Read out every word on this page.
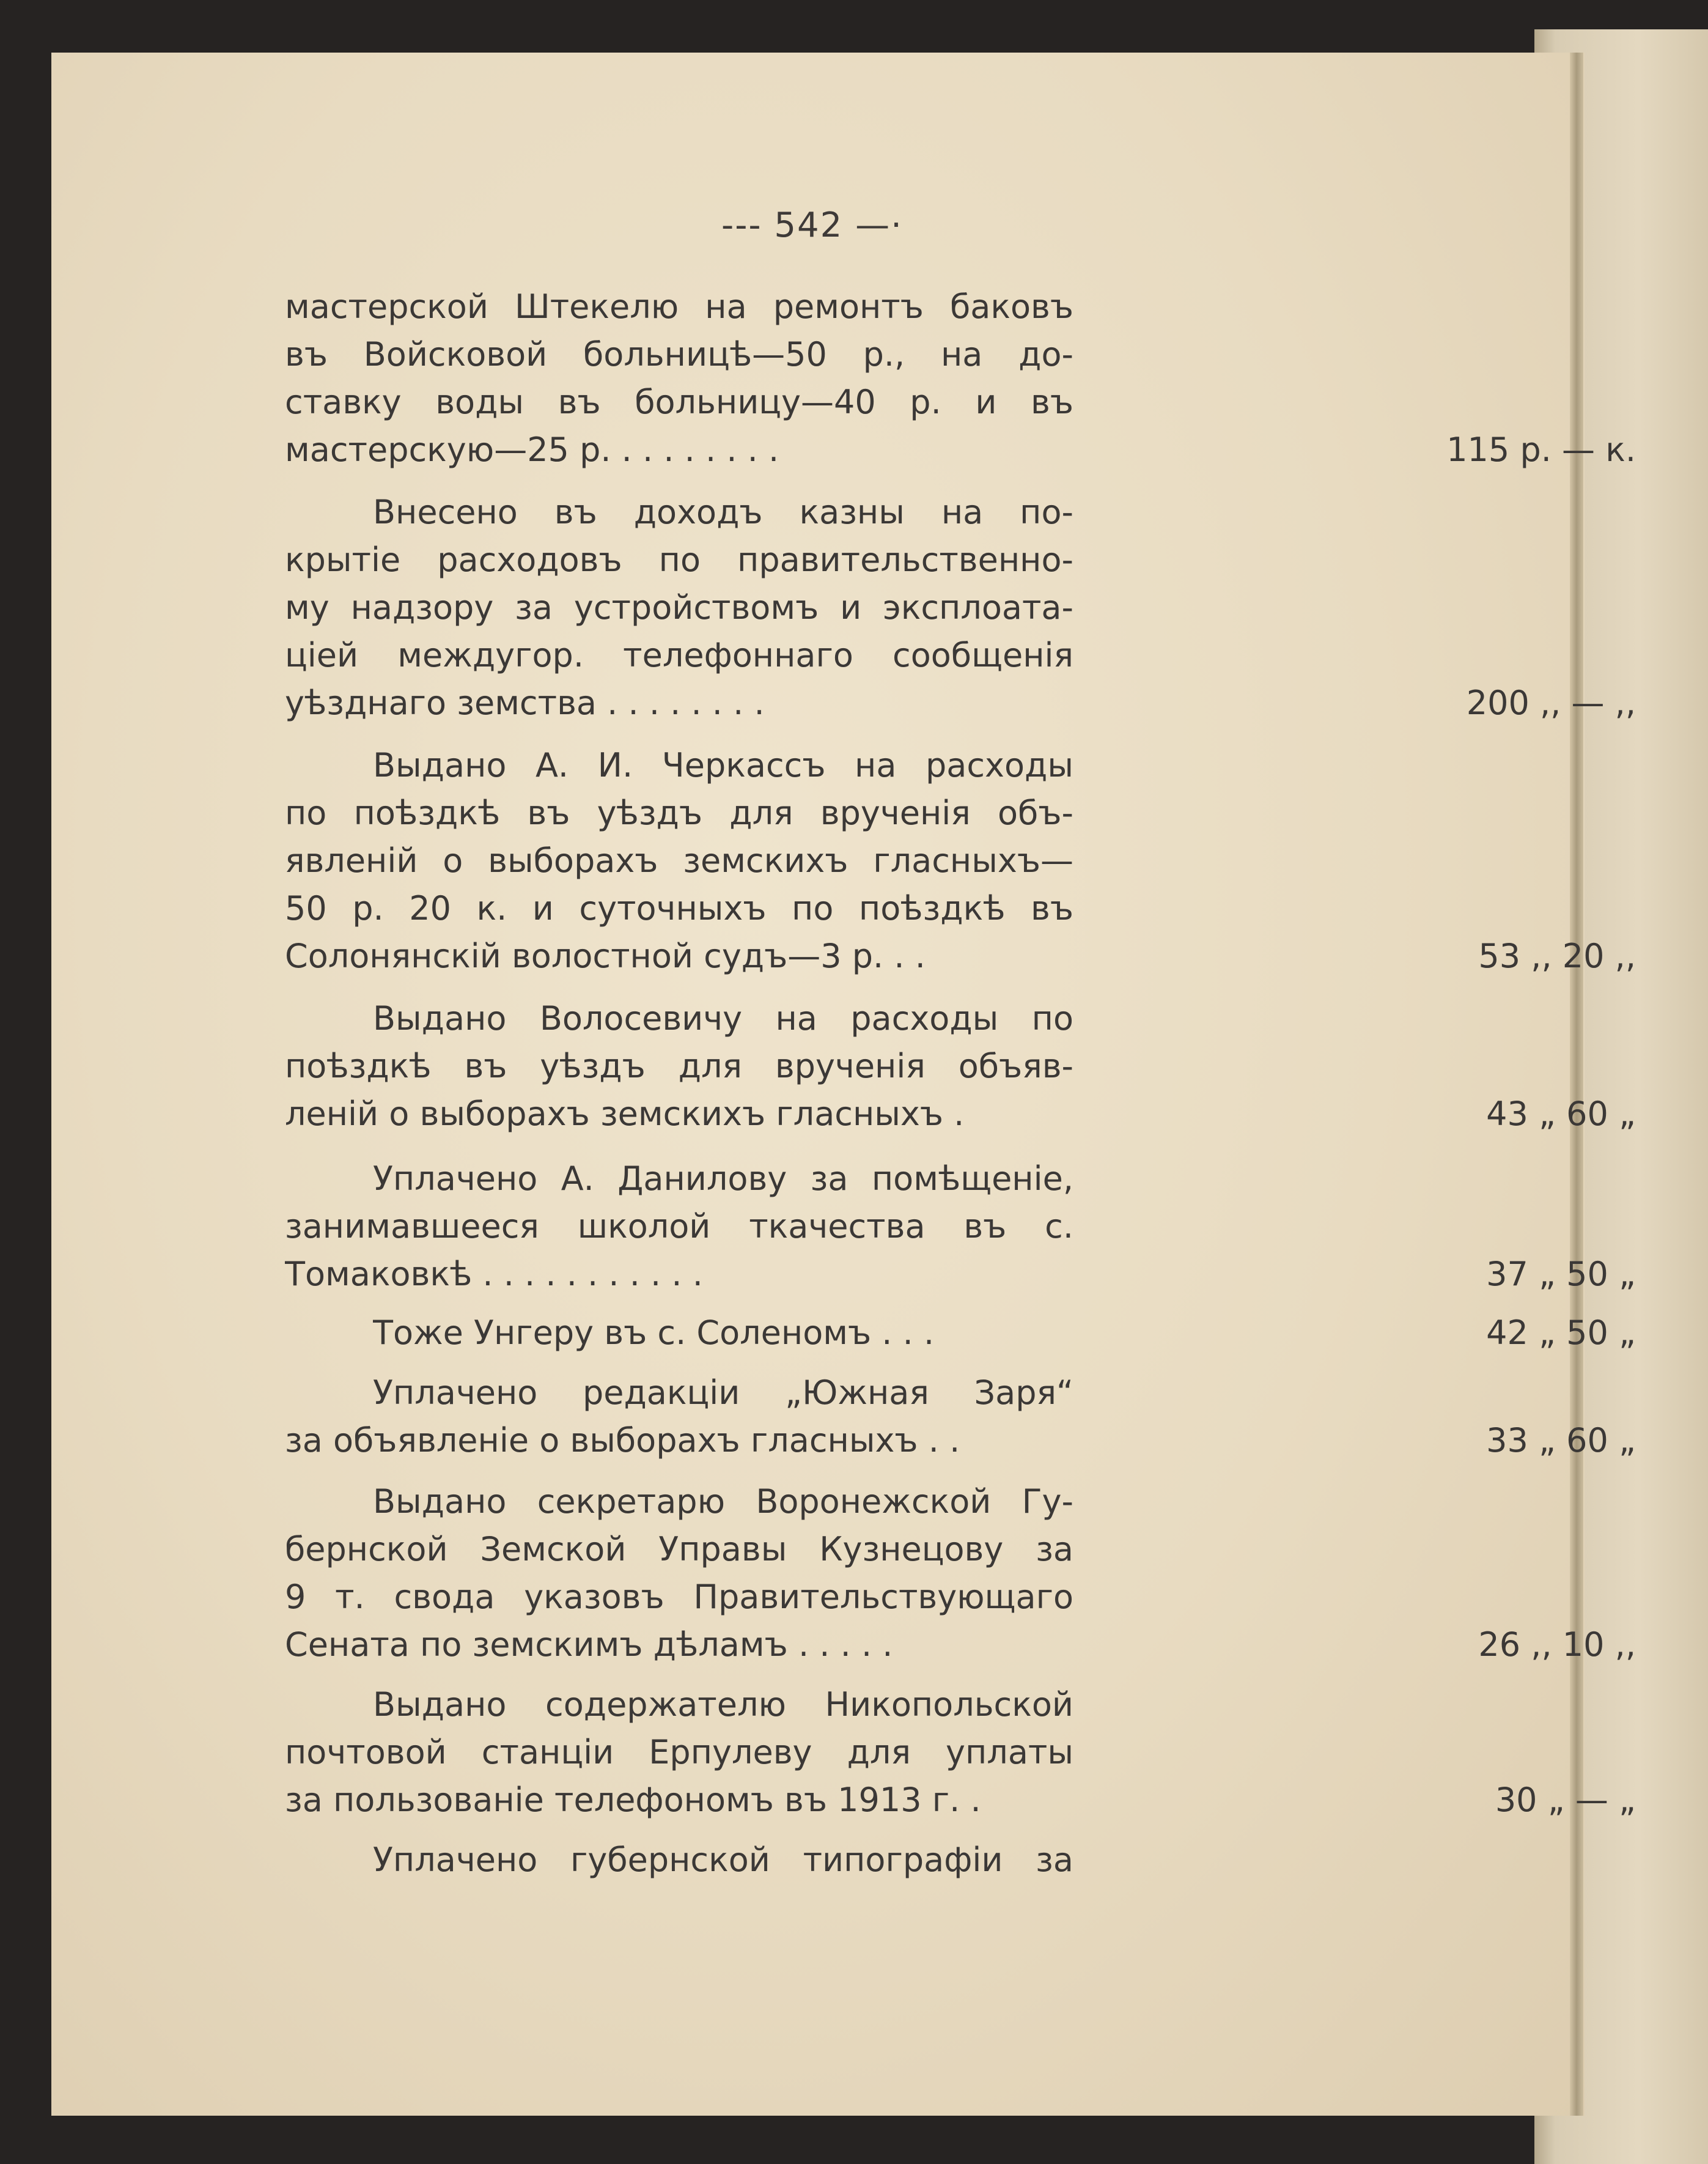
--- 542 —·
мастерской Штекелю на ремонтъ баковъ
въ Войсковой больницѣ—50 р., на до-
ставку воды въ больницу—40 р. и въ
мастерскую—25 р. . . . . . . . .	115 р. — к.
Внесено въ доходъ казны на по-
крытіе расходовъ по правительственно-
му надзору за устройствомъ и эксплоата-
ціей междугор. телефоннаго сообщенія
уѣзднаго земства . . . . . . . .	200 ,, — ,,
Выдано А. И. Черкассъ на расходы
по поѣздкѣ въ уѣздъ для врученія объ-
явленій о выборахъ земскихъ гласныхъ—
50 р. 20 к. и суточныхъ по поѣздкѣ въ
Солонянскій волостной судъ—3 р. . .	53 ,, 20 ,,
Выдано Волосевичу на расходы по
поѣздкѣ въ уѣздъ для врученія объяв-
леній о выборахъ земскихъ гласныхъ .	43 „ 60 „
Уплачено А. Данилову за помѣщеніе,
занимавшееся школой ткачества въ с.
Томаковкѣ . . . . . . . . . . .	37 „ 50 „
Тоже Унгеру въ с. Соленомъ . . .	42 „ 50 „
Уплачено редакціи „Южная Заря“
за объявленіе о выборахъ гласныхъ . .	33 „ 60 „
Выдано секретарю Воронежской Гу-
бернской Земской Управы Кузнецову за
9 т. свода указовъ Правительствующаго
Сената по земскимъ дѣламъ . . . . .	26 ,, 10 ,,
Выдано содержателю Никопольской
почтовой станціи Ерпулеву для уплаты
за пользованіе телефономъ въ 1913 г. .	30 „ — „
Уплачено губернской типографіи за
